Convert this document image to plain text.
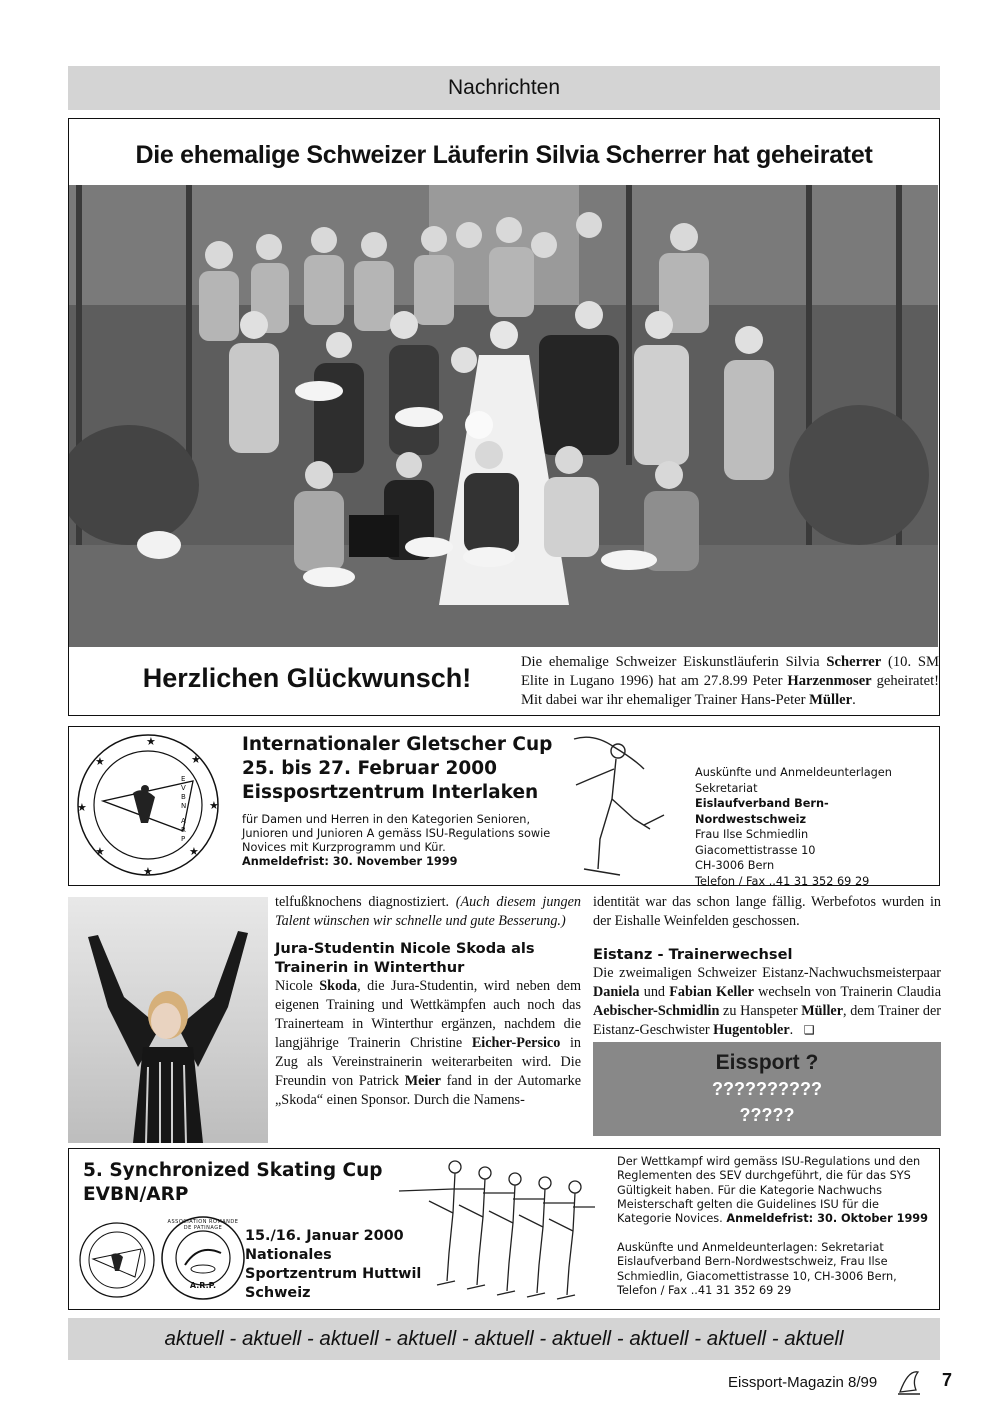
Nachrichten
Die ehemalige Schweizer Läuferin Silvia Scherrer hat geheiratet
Herzlichen Glückwunsch!

Die ehemalige Schweizer Eiskunstläuferin Silvia Scherrer (10. SM Elite in Lugano 1996) hat am 27.8.99 Peter Harzenmoser geheiratet! Mit dabei war ihr ehemaliger Trainer Hans-Peter Müller.

★
★
★
★
★
★
★
★
E V B N
A R P
Internationaler Gletscher Cup
25. bis 27. Februar 2000
Eissposrtzentrum Interlaken
für Damen und Herren in den Kategorien Senioren, Junioren und Junioren A gemäss ISU-Regulations sowie Novices mit Kurzprogramm und Kür.
Anmeldefrist: 30. November 1999
Auskünfte und Anmeldeunterlagen
Sekretariat
Eislaufverband Bern-Nordwestschweiz
Frau Ilse Schmiedlin
Giacomettistrasse 10
CH-3006 Bern
Telefon / Fax ..41 31 352 69 29

telfußknochens diagnostiziert. (Auch diesem jungen Talent wünschen wir schnelle und gute Besserung.)

Jura-Studentin Nicole Skoda als Trainerin in Winterthur

Nicole Skoda, die Jura-Studentin, wird neben dem eigenen Training und Wettkämpfen auch noch das Trainerteam in Winterthur ergänzen, nachdem die langjährige Trainerin Christine Eicher-Persico in Zug als Vereinstrainerin weiterarbeiten wird. Die Freundin von Patrick Meier fand in der Automarke „Skoda“ einen Sponsor. Durch die Namens-

identität war das schon lange fällig. Werbefotos wurden in der Eishalle Weinfelden geschossen.

Eistanz - Trainerwechsel

Die zweimaligen Schweizer Eistanz-Nachwuchsmeisterpaar Daniela und Fabian Keller wechseln von Trainerin Claudia Aebischer-Schmidlin zu Hanspeter Müller, dem Trainer der Eistanz-Geschwister Hugentobler. ❑

Eissport ?
??????????
?????
5. Synchronized Skating Cup
EVBN/ARP
ASSOCIATION ROMANDE DE PATINAGE
A.R.P.
15./16. Januar 2000
Nationales
Sportzentrum Huttwil
Schweiz
Der Wettkampf wird gemäss ISU-Regulations und den Reglementen des SEV durchgeführt, die für das SYS Gültigkeit haben. Für die Kategorie Nachwuchs Meisterschaft gelten die Guidelines ISU für die Kategorie Novices. Anmeldefrist: 30. Oktober 1999
Auskünfte und Anmeldeunterlagen: Sekretariat Eislaufverband Bern-Nordwestschweiz, Frau Ilse Schmiedlin, Giacomettistrasse 10, CH-3006 Bern, Telefon / Fax ..41 31 352 69 29
aktuell - aktuell - aktuell - aktuell - aktuell - aktuell - aktuell - aktuell - aktuell
Eissport-Magazin 8/99	7
